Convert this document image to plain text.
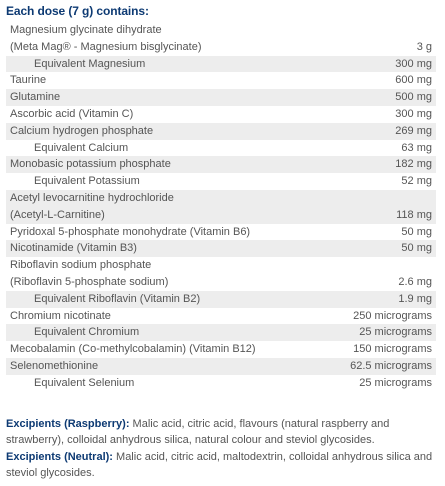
Each dose (7 g) contains:
Magnesium glycinate dihydrate
(Meta Mag® - Magnesium bisglycinate)	3 g
Equivalent Magnesium	300 mg
Taurine	600 mg
Glutamine	500 mg
Ascorbic acid (Vitamin C)	300 mg
Calcium hydrogen phosphate	269 mg
Equivalent Calcium	63 mg
Monobasic potassium phosphate	182 mg
Equivalent Potassium	52 mg
Acetyl levocarnitine hydrochloride
(Acetyl-L-Carnitine)	118 mg
Pyridoxal 5-phosphate monohydrate (Vitamin B6)	50 mg
Nicotinamide (Vitamin B3)	50 mg
Riboflavin sodium phosphate
(Riboflavin 5-phosphate sodium)	2.6 mg
Equivalent Riboflavin (Vitamin B2)	1.9 mg
Chromium nicotinate	250 micrograms
Equivalent Chromium	25 micrograms
Mecobalamin (Co-methylcobalamin) (Vitamin B12)	150 micrograms
Selenomethionine	62.5 micrograms
Equivalent Selenium	25 micrograms
Excipients (Raspberry): Malic acid, citric acid, flavours (natural raspberry and strawberry), colloidal anhydrous silica, natural colour and steviol glycosides.
Excipients (Neutral): Malic acid, citric acid, maltodextrin, colloidal anhydrous silica and steviol glycosides.
